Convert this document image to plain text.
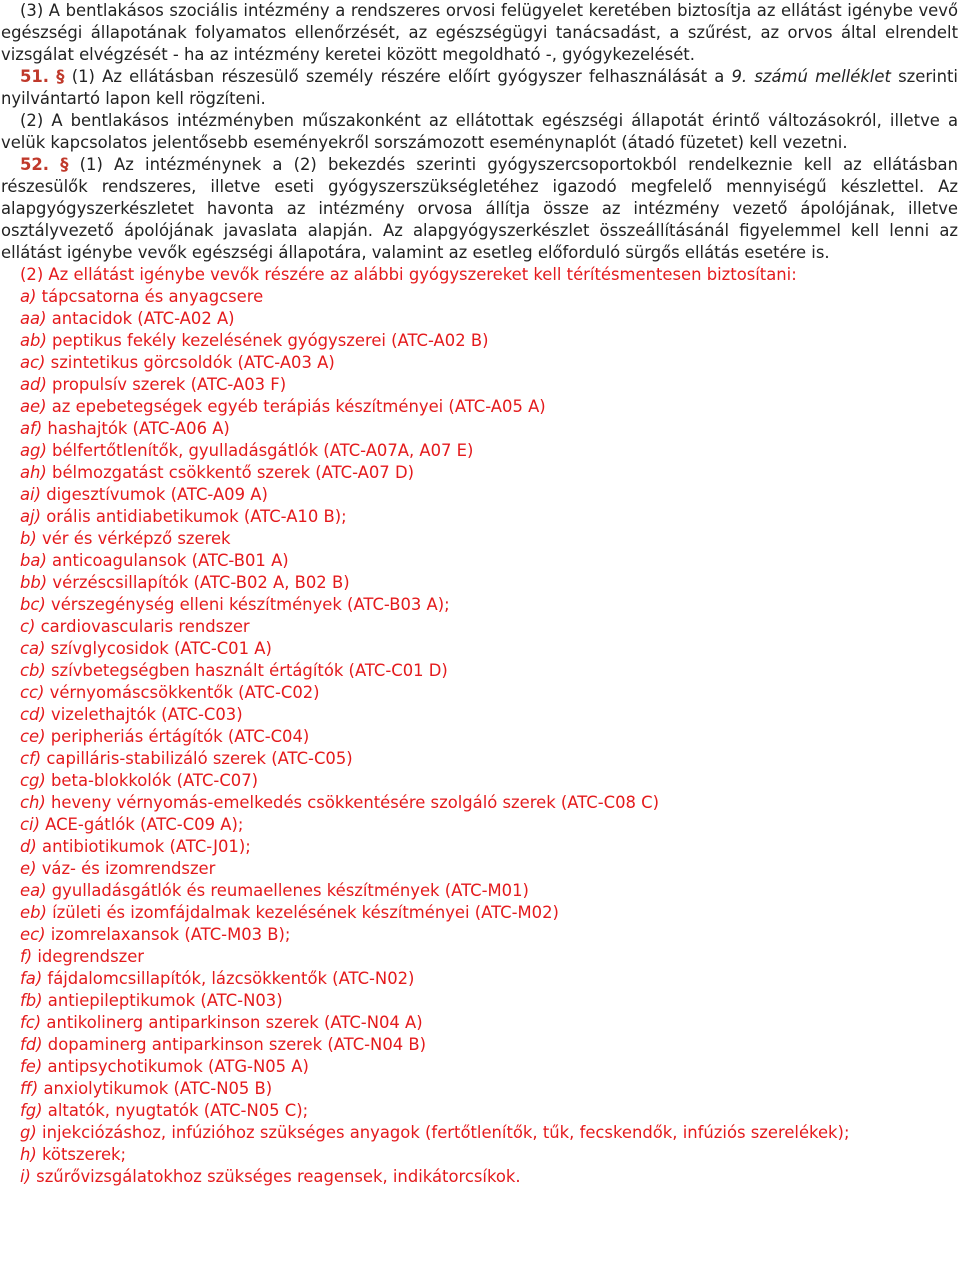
(3) A bentlakásos szociális intézmény a rendszeres orvosi felügyelet keretében biztosítja az ellátást igénybe vevő egészségi állapotának folyamatos ellenőrzését, az egészségügyi tanácsadást, a szűrést, az orvos által elrendelt vizsgálat elvégzését - ha az intézmény keretei között megoldható -, gyógykezelését.

51. § (1) Az ellátásban részesülő személy részére előírt gyógyszer felhasználását a 9. számú melléklet szerinti nyilvántartó lapon kell rögzíteni.

(2) A bentlakásos intézményben műszakonként az ellátottak egészségi állapotát érintő változásokról, illetve a velük kapcsolatos jelentősebb eseményekről sorszámozott eseménynaplót (átadó füzetet) kell vezetni.

52. § (1) Az intézménynek a (2) bekezdés szerinti gyógyszercsoportokból rendelkeznie kell az ellátásban részesülők rendszeres, illetve eseti gyógyszerszükségletéhez igazodó megfelelő mennyiségű készlettel. Az alapgyógyszerkészletet havonta az intézmény orvosa állítja össze az intézmény vezető ápolójának, illetve osztályvezető ápolójának javaslata alapján. Az alapgyógyszerkészlet összeállításánál figyelemmel kell lenni az ellátást igénybe vevők egészségi állapotára, valamint az esetleg előforduló sürgős ellátás esetére is.

(2) Az ellátást igénybe vevők részére az alábbi gyógyszereket kell térítésmentesen biztosítani:

a) tápcsatorna és anyagcsere
aa) antacidok (ATC-A02 A)
ab) peptikus fekély kezelésének gyógyszerei (ATC-A02 B)
ac) szintetikus görcsoldók (ATC-A03 A)
ad) propulsív szerek (ATC-A03 F)
ae) az epebetegségek egyéb terápiás készítményei (ATC-A05 A)
af) hashajtók (ATC-A06 A)
ag) bélfertőtlenítők, gyulladásgátlók (ATC-A07A, A07 E)
ah) bélmozgatást csökkentő szerek (ATC-A07 D)
ai) digesztívumok (ATC-A09 A)
aj) orális antidiabetikumok (ATC-A10 B);
b) vér és vérképző szerek
ba) anticoagulansok (ATC-B01 A)
bb) vérzéscsillapítók (ATC-B02 A, B02 B)
bc) vérszegénység elleni készítmények (ATC-B03 A);
c) cardiovascularis rendszer
ca) szívglycosidok (ATC-C01 A)
cb) szívbetegségben használt értágítók (ATC-C01 D)
cc) vérnyomáscsökkentők (ATC-C02)
cd) vizelethajtók (ATC-C03)
ce) peripheriás értágítók (ATC-C04)
cf) capilláris-stabilizáló szerek (ATC-C05)
cg) beta-blokkolók (ATC-C07)
ch) heveny vérnyomás-emelkedés csökkentésére szolgáló szerek (ATC-C08 C)
ci) ACE-gátlók (ATC-C09 A);
d) antibiotikumok (ATC-J01);
e) váz- és izomrendszer
ea) gyulladásgátlók és reumaellenes készítmények (ATC-M01)
eb) ízületi és izomfájdalmak kezelésének készítményei (ATC-M02)
ec) izomrelaxansok (ATC-M03 B);
f) idegrendszer
fa) fájdalomcsillapítók, lázcsökkentők (ATC-N02)
fb) antiepileptikumok (ATC-N03)
fc) antikolinerg antiparkinson szerek (ATC-N04 A)
fd) dopaminerg antiparkinson szerek (ATC-N04 B)
fe) antipsychotikumok (ATG-N05 A)
ff) anxiolytikumok (ATC-N05 B)
fg) altatók, nyugtatók (ATC-N05 C);
g) injekciózáshoz, infúzióhoz szükséges anyagok (fertőtlenítők, tűk, fecskendők, infúziós szerelékek);
h) kötszerek;
i) szűrővizsgálatokhoz szükséges reagensek, indikátorcsíkok.
